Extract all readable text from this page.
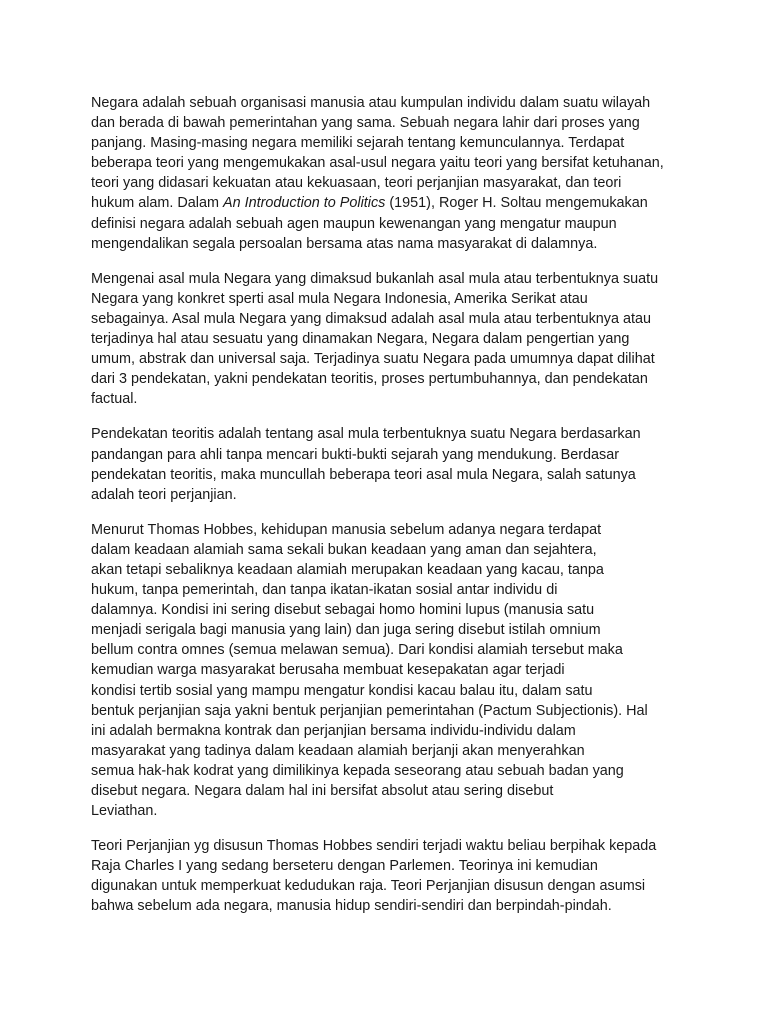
Negara adalah sebuah organisasi manusia atau kumpulan individu dalam suatu wilayah
dan berada di bawah pemerintahan yang sama. Sebuah negara lahir dari proses yang
panjang. Masing-masing negara memiliki sejarah tentang kemunculannya. Terdapat
beberapa teori yang mengemukakan asal-usul negara yaitu teori yang bersifat ketuhanan,
teori yang didasari kekuatan atau kekuasaan, teori perjanjian masyarakat, dan teori
hukum alam. Dalam An Introduction to Politics (1951), Roger H. Soltau mengemukakan
definisi negara adalah sebuah agen maupun kewenangan yang mengatur maupun
mengendalikan segala persoalan bersama atas nama masyarakat di dalamnya.
Mengenai asal mula Negara yang dimaksud bukanlah asal mula atau terbentuknya suatu
Negara yang konkret sperti asal mula Negara Indonesia, Amerika Serikat atau
sebagainya. Asal mula Negara yang dimaksud adalah asal mula atau terbentuknya atau
terjadinya hal atau sesuatu yang dinamakan Negara, Negara dalam pengertian yang
umum, abstrak dan universal saja. Terjadinya suatu Negara pada umumnya dapat dilihat
dari 3 pendekatan, yakni pendekatan teoritis, proses pertumbuhannya, dan pendekatan
factual.
Pendekatan teoritis adalah tentang asal mula terbentuknya suatu Negara berdasarkan
pandangan para ahli tanpa mencari bukti-bukti sejarah yang mendukung. Berdasar
pendekatan teoritis, maka muncullah beberapa teori asal mula Negara, salah satunya
adalah teori perjanjian.
Menurut Thomas Hobbes, kehidupan manusia sebelum adanya negara terdapat
dalam keadaan alamiah sama sekali bukan keadaan yang aman dan sejahtera,
akan tetapi sebaliknya keadaan alamiah merupakan keadaan yang kacau, tanpa
hukum, tanpa pemerintah, dan tanpa ikatan-ikatan sosial antar individu di
dalamnya. Kondisi ini sering disebut sebagai homo homini lupus (manusia satu
menjadi serigala bagi manusia yang lain) dan juga sering disebut istilah omnium
bellum contra omnes (semua melawan semua). Dari kondisi alamiah tersebut maka
kemudian warga masyarakat berusaha membuat kesepakatan agar terjadi
kondisi tertib sosial yang mampu mengatur kondisi kacau balau itu, dalam satu
bentuk perjanjian saja yakni bentuk perjanjian pemerintahan (Pactum Subjectionis). Hal
ini adalah bermakna kontrak dan perjanjian bersama individu-individu dalam
masyarakat yang tadinya dalam keadaan alamiah berjanji akan menyerahkan
semua hak-hak kodrat yang dimilikinya kepada seseorang atau sebuah badan yang
disebut negara. Negara dalam hal ini bersifat absolut atau sering disebut
Leviathan.
Teori Perjanjian yg disusun Thomas Hobbes sendiri terjadi waktu beliau berpihak kepada
Raja Charles I yang sedang berseteru dengan Parlemen. Teorinya ini kemudian
digunakan untuk memperkuat kedudukan raja. Teori Perjanjian disusun dengan asumsi
bahwa sebelum ada negara, manusia hidup sendiri-sendiri dan berpindah-pindah.
